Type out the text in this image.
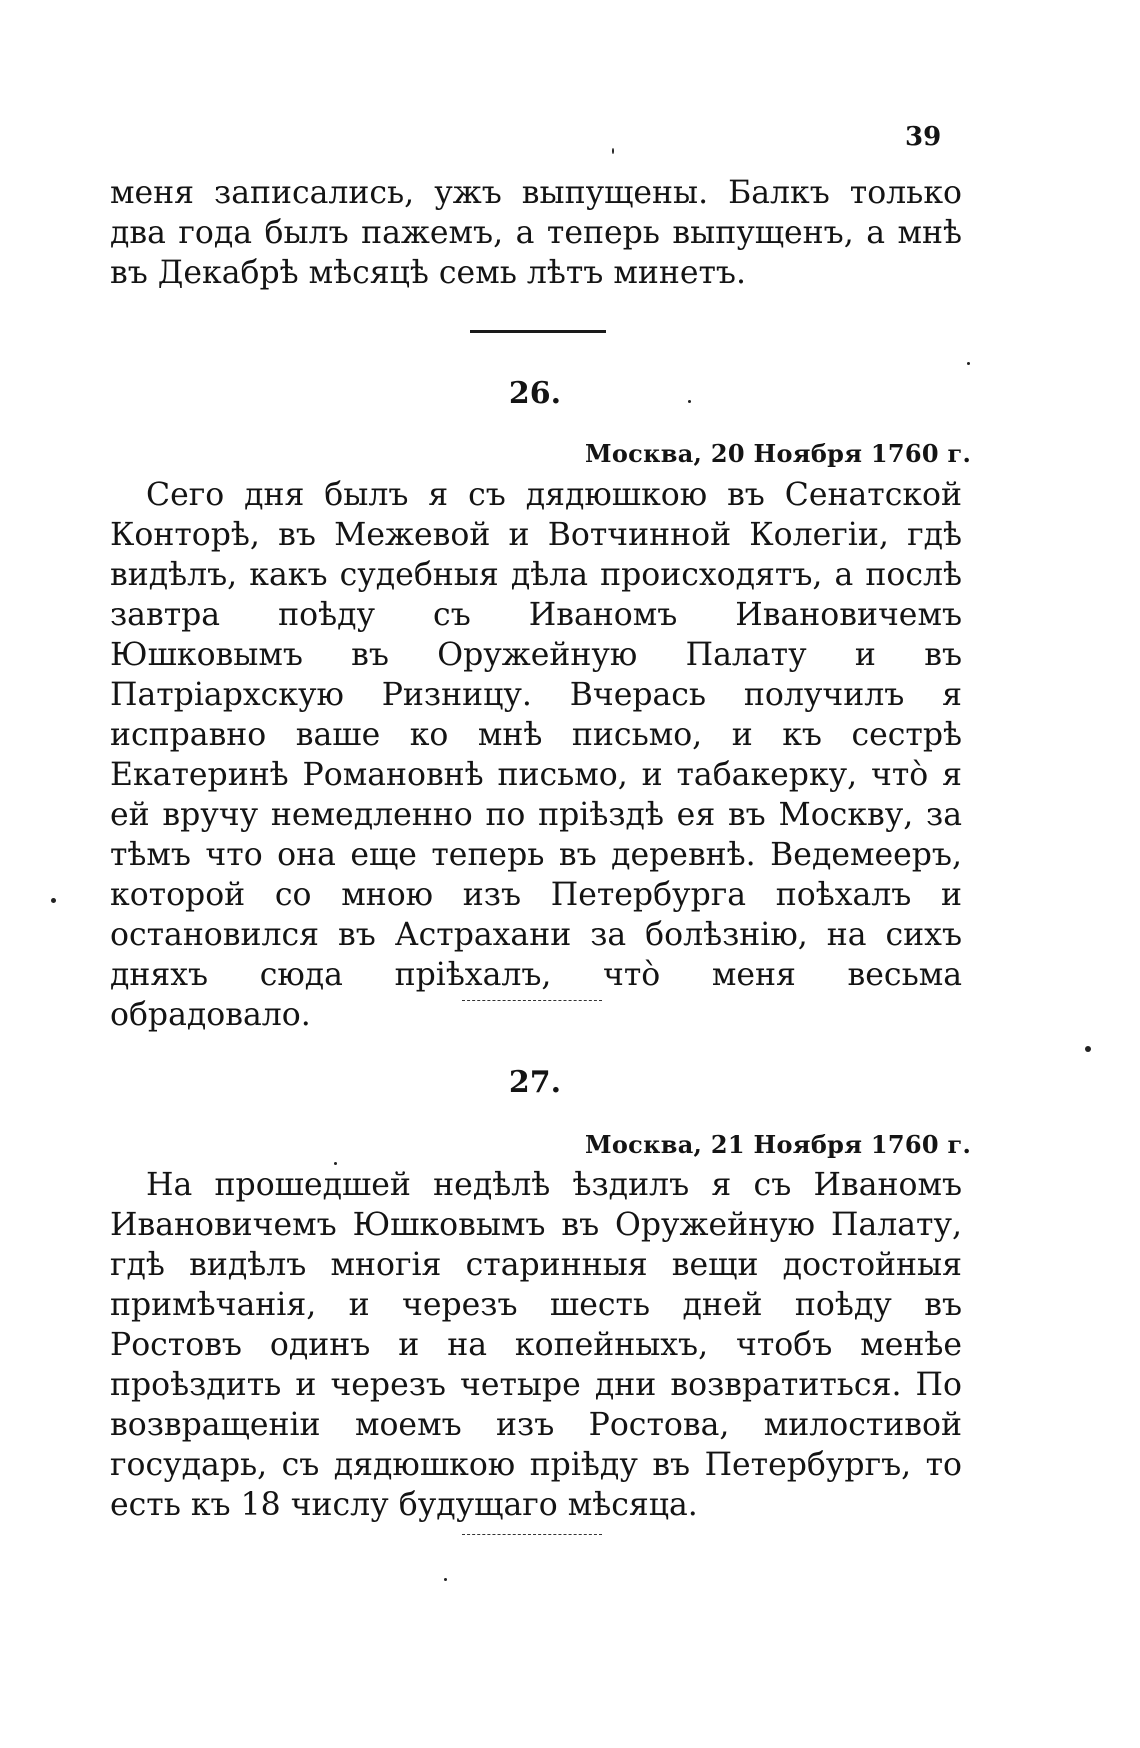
39

меня записались, ужъ выпущены. Балкъ только два года былъ пажемъ, а теперь выпущенъ, а мнѣ въ Декабрѣ мѣсяцѣ семь лѣтъ минетъ.

26.
Москва, 20 Ноября 1760 г.

Сего дня былъ я съ дядюшкою въ Сенатской Конторѣ, въ Межевой и Вотчинной Колегіи, гдѣ видѣлъ, какъ судебныя дѣла происходятъ, а послѣ завтра поѣду съ Иваномъ Ивановичемъ Юшковымъ въ Оружейную Палату и въ Патріархскую Ризницу. Вчерась получилъ я исправно ваше ко мнѣ письмо, и къ сестрѣ Екатеринѣ Романовнѣ письмо, и табакерку, чтò я ей вручу немедленно по пріѣздѣ ея въ Москву, за тѣмъ что она еще теперь въ деревнѣ. Ведемееръ, которой со мною изъ Петербурга поѣхалъ и остановился въ Астрахани за болѣзнію, на сихъ дняхъ сюда пріѣхалъ, чтò меня весьма обрадовало.

27.
Москва, 21 Ноября 1760 г.

На прошедшей недѣлѣ ѣздилъ я съ Иваномъ Ивановичемъ Юшковымъ въ Оружейную Палату, гдѣ видѣлъ многія старинныя вещи достойныя примѣчанія, и черезъ шесть дней поѣду въ Ростовъ одинъ и на копейныхъ, чтобъ менѣе проѣздить и черезъ четыре дни возвратиться. По возвращеніи моемъ изъ Ростова, милостивой государь, съ дядюшкою пріѣду въ Петербургъ, то есть къ 18 числу будущаго мѣсяца.
